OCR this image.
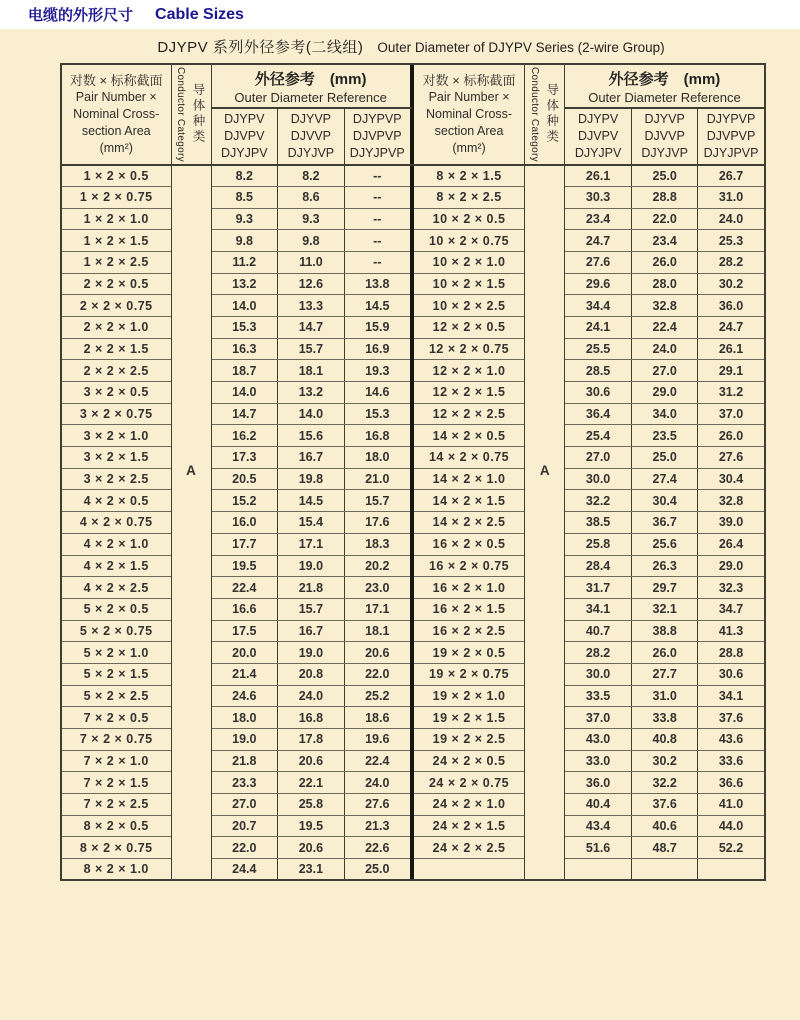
电缆的外形尺寸 Cable Sizes
DJYPV 系列外径参考(二线组) Outer Diameter of DJYPV Series (2-wire Group)
对数 × 标称截面
Pair Number ×
Nominal Cross-
section Area
(mm²)	Conductor Category 导体种类	外径参考　(mm)
Outer Diameter Reference		

		DJYPV
DJVPV
DJYJPV	DJYVP
DJVVP
DJYJVP	DJYPVP
DJVPVP
DJYJPVP

1 × 2 × 0.5	A	8.2	8.2	--
1 × 2 × 0.75		8.5	8.6	--
1 × 2 × 1.0		9.3	9.3	--
1 × 2 × 1.5		9.8	9.8	--
1 × 2 × 2.5		11.2	11.0	--
2 × 2 × 0.5		13.2	12.6	13.8
2 × 2 × 0.75		14.0	13.3	14.5
2 × 2 × 1.0		15.3	14.7	15.9
2 × 2 × 1.5		16.3	15.7	16.9
2 × 2 × 2.5		18.7	18.1	19.3
3 × 2 × 0.5		14.0	13.2	14.6
3 × 2 × 0.75		14.7	14.0	15.3
3 × 2 × 1.0		16.2	15.6	16.8
3 × 2 × 1.5		17.3	16.7	18.0
3 × 2 × 2.5		20.5	19.8	21.0
4 × 2 × 0.5		15.2	14.5	15.7
4 × 2 × 0.75		16.0	15.4	17.6
4 × 2 × 1.0		17.7	17.1	18.3
4 × 2 × 1.5		19.5	19.0	20.2
4 × 2 × 2.5		22.4	21.8	23.0
5 × 2 × 0.5		16.6	15.7	17.1
5 × 2 × 0.75		17.5	16.7	18.1
5 × 2 × 1.0		20.0	19.0	20.6
5 × 2 × 1.5		21.4	20.8	22.0
5 × 2 × 2.5		24.6	24.0	25.2
7 × 2 × 0.5		18.0	16.8	18.6
7 × 2 × 0.75		19.0	17.8	19.6
7 × 2 × 1.0		21.8	20.6	22.4
7 × 2 × 1.5		23.3	22.1	24.0
7 × 2 × 2.5		27.0	25.8	27.6
8 × 2 × 0.5		20.7	19.5	21.3
8 × 2 × 0.75		22.0	20.6	22.6
8 × 2 × 1.0		24.4	23.1	25.0
对数 × 标称截面
Pair Number ×
Nominal Cross-
section Area
(mm²)	Conductor Category 导体种类	外径参考　(mm)
Outer Diameter Reference		

		DJYPV
DJVPV
DJYJPV	DJYVP
DJVVP
DJYJVP	DJYPVP
DJVPVP
DJYJPVP

8 × 2 × 1.5	A	26.1	25.0	26.7
8 × 2 × 2.5		30.3	28.8	31.0
10 × 2 × 0.5		23.4	22.0	24.0
10 × 2 × 0.75		24.7	23.4	25.3
10 × 2 × 1.0		27.6	26.0	28.2
10 × 2 × 1.5		29.6	28.0	30.2
10 × 2 × 2.5		34.4	32.8	36.0
12 × 2 × 0.5		24.1	22.4	24.7
12 × 2 × 0.75		25.5	24.0	26.1
12 × 2 × 1.0		28.5	27.0	29.1
12 × 2 × 1.5		30.6	29.0	31.2
12 × 2 × 2.5		36.4	34.0	37.0
14 × 2 × 0.5		25.4	23.5	26.0
14 × 2 × 0.75		27.0	25.0	27.6
14 × 2 × 1.0		30.0	27.4	30.4
14 × 2 × 1.5		32.2	30.4	32.8
14 × 2 × 2.5		38.5	36.7	39.0
16 × 2 × 0.5		25.8	25.6	26.4
16 × 2 × 0.75		28.4	26.3	29.0
16 × 2 × 1.0		31.7	29.7	32.3
16 × 2 × 1.5		34.1	32.1	34.7
16 × 2 × 2.5		40.7	38.8	41.3
19 × 2 × 0.5		28.2	26.0	28.8
19 × 2 × 0.75		30.0	27.7	30.6
19 × 2 × 1.0		33.5	31.0	34.1
19 × 2 × 1.5		37.0	33.8	37.6
19 × 2 × 2.5		43.0	40.8	43.6
24 × 2 × 0.5		33.0	30.2	33.6
24 × 2 × 0.75		36.0	32.2	36.6
24 × 2 × 1.0		40.4	37.6	41.0
24 × 2 × 1.5		43.4	40.6	44.0
24 × 2 × 2.5		51.6	48.7	52.2
